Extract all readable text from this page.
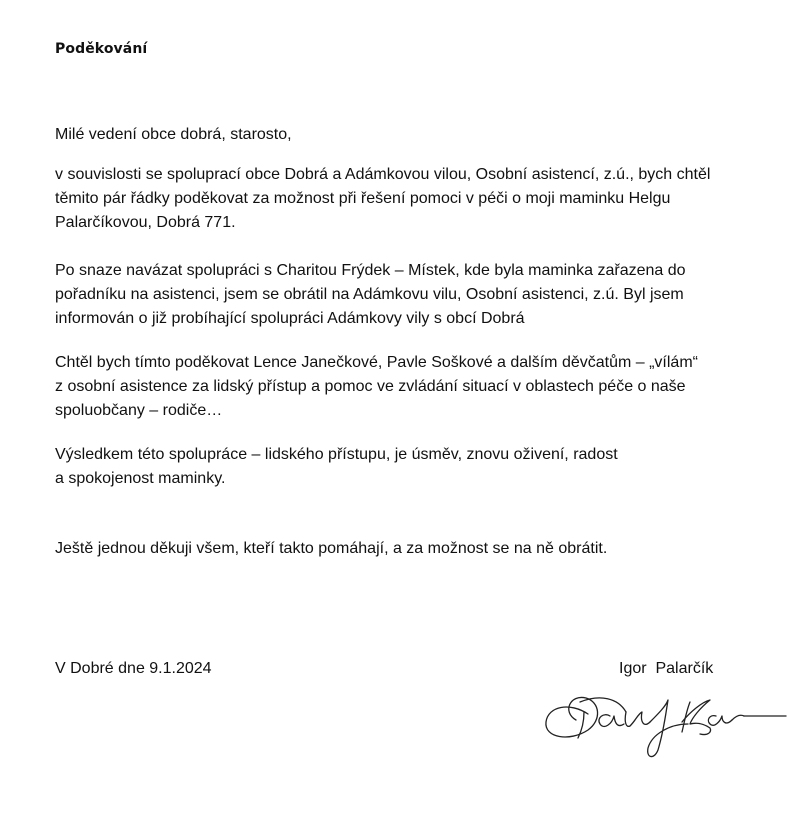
Poděkování

Milé vedení obce dobrá, starosto,

v souvislosti se spoluprací obce Dobrá a Adámkovou vilou, Osobní asistencí, z.ú., bych chtěl
těmito pár řádky poděkovat za možnost při řešení pomoci v péči o moji maminku Helgu
Palarčíkovou, Dobrá 771.

Po snaze navázat spolupráci s Charitou Frýdek – Místek, kde byla maminka zařazena do
pořadníku na asistenci, jsem se obrátil na Adámkovu vilu, Osobní asistenci, z.ú. Byl jsem
informován o již probíhající spolupráci Adámkovy vily s obcí Dobrá

Chtěl bych tímto poděkovat Lence Janečkové, Pavle Soškové a dalším děvčatům – „vílám“
z osobní asistence za lidský přístup a pomoc ve zvládání situací v oblastech péče o naše
spoluobčany – rodiče…

Výsledkem této spolupráce – lidského přístupu, je úsměv, znovu oživení, radost
a spokojenost maminky.

Ještě jednou děkuji všem, kteří takto pomáhají, a za možnost se na ně obrátit.

V Dobré dne 9.1.2024	Igor  Palarčík
